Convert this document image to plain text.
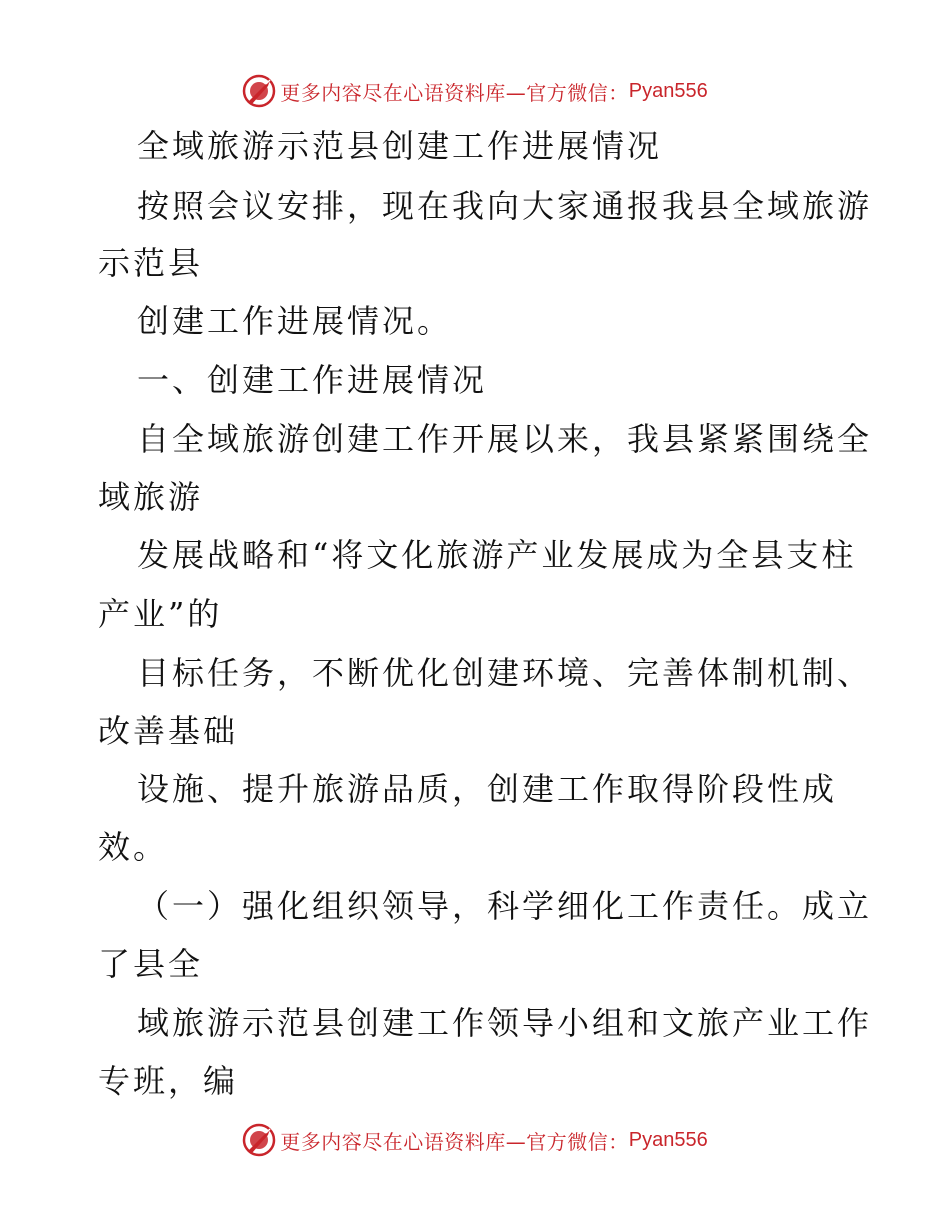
更多内容尽在心语资料库 —官方微信： Pyan556
全域旅游示范县创建工作进展情况
按照会议安排，现在我向大家通报我县全域旅游
示范县
创建工作进展情况。
一、创建工作进展情况
自全域旅游创建工作开展以来，我县紧紧围绕全
域旅游
发展战略和“将文化旅游产业发展成为全县支柱
产业”的
目标任务，不断优化创建环境、完善体制机制、
改善基础
设施、提升旅游品质，创建工作取得阶段性成
效。
（一）强化组织领导，科学细化工作责任。成立
了县全
域旅游示范县创建工作领导小组和文旅产业工作
专班，编
更多内容尽在心语资料库 —官方微信： Pyan556
